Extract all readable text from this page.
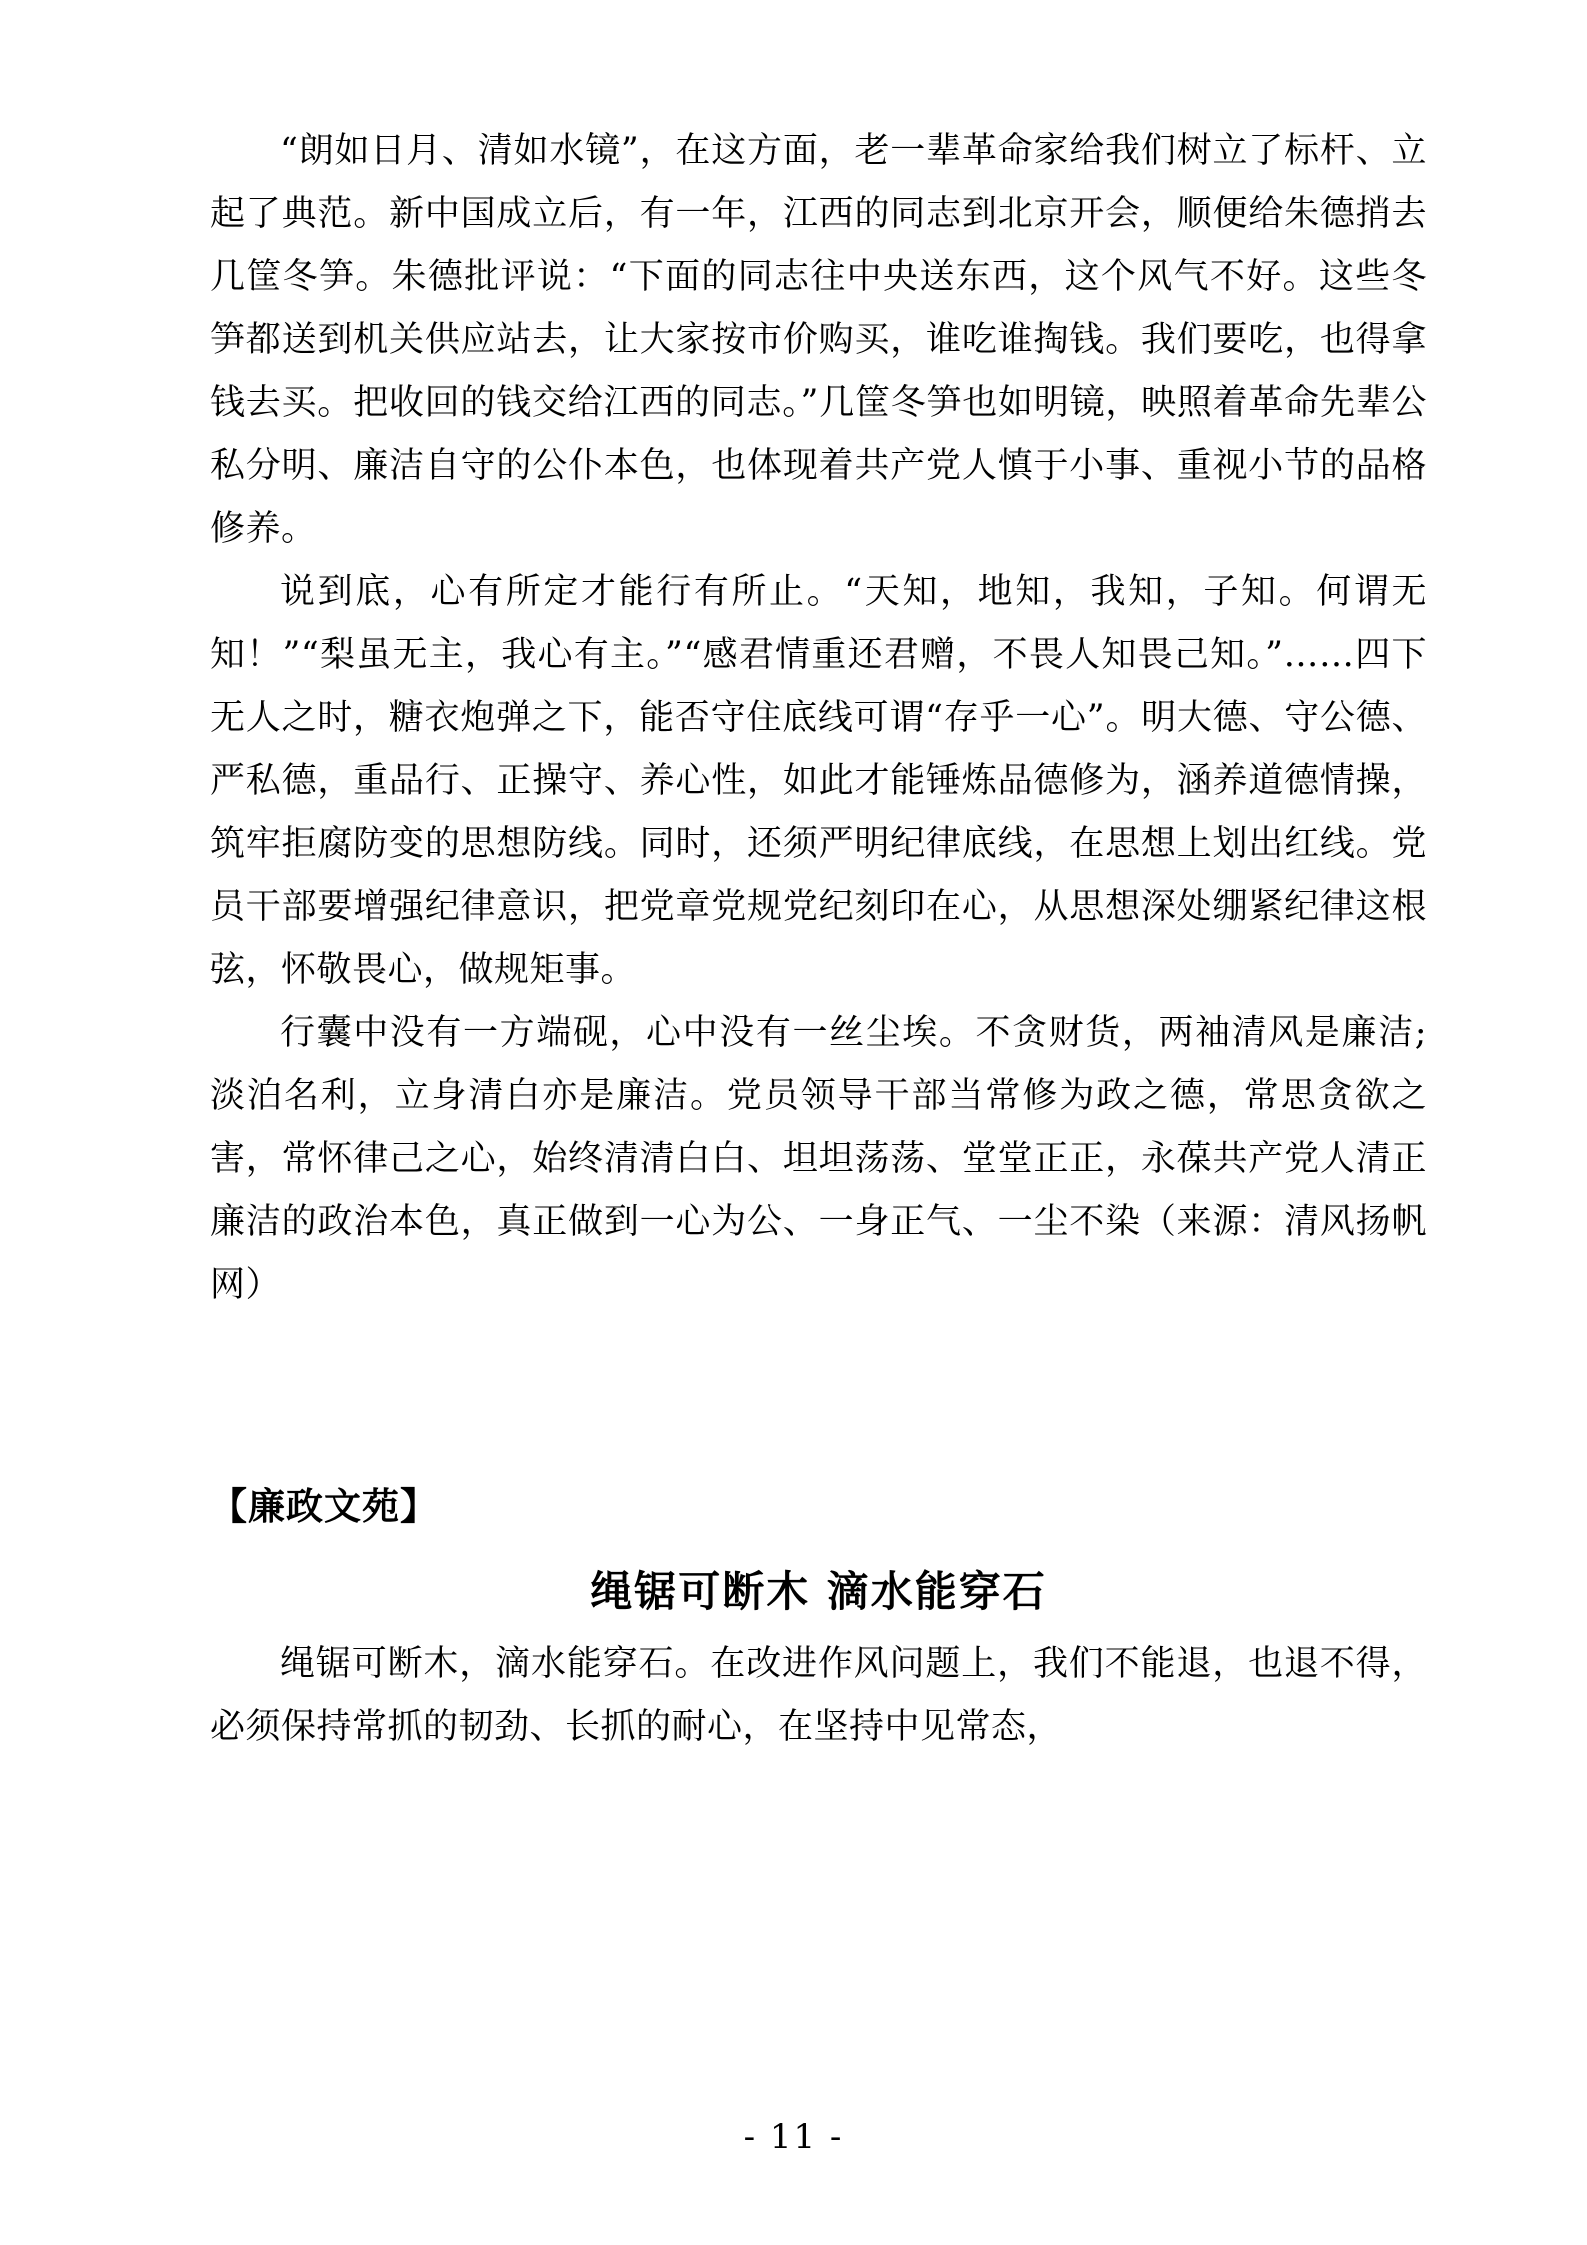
“朗如日月、清如水镜”，在这方面，老一辈革命家给我们树立了标杆、立起了典范。新中国成立后，有一年，江西的同志到北京开会，顺便给朱德捎去几筐冬笋。朱德批评说：“下面的同志往中央送东西，这个风气不好。这些冬笋都送到机关供应站去，让大家按市价购买，谁吃谁掏钱。我们要吃，也得拿钱去买。把收回的钱交给江西的同志。”几筐冬笋也如明镜，映照着革命先辈公私分明、廉洁自守的公仆本色，也体现着共产党人慎于小事、重视小节的品格修养。

说到底，心有所定才能行有所止。“天知，地知，我知，子知。何谓无知！”“梨虽无主，我心有主。”“感君情重还君赠，不畏人知畏己知。”……四下无人之时，糖衣炮弹之下，能否守住底线可谓“存乎一心”。明大德、守公德、严私德，重品行、正操守、养心性，如此才能锤炼品德修为，涵养道德情操，筑牢拒腐防变的思想防线。同时，还须严明纪律底线，在思想上划出红线。党员干部要增强纪律意识，把党章党规党纪刻印在心，从思想深处绷紧纪律这根弦，怀敬畏心，做规矩事。

行囊中没有一方端砚，心中没有一丝尘埃。不贪财货，两袖清风是廉洁;淡泊名利，立身清白亦是廉洁。党员领导干部当常修为政之德，常思贪欲之害，常怀律己之心，始终清清白白、坦坦荡荡、堂堂正正，永葆共产党人清正廉洁的政治本色，真正做到一心为公、一身正气、一尘不染（来源：清风扬帆网）

【廉政文苑】
绳锯可断木 滴水能穿石

绳锯可断木，滴水能穿石。在改进作风问题上，我们不能退，也退不得，必须保持常抓的韧劲、长抓的耐心，在坚持中见常态，

- 11 -
